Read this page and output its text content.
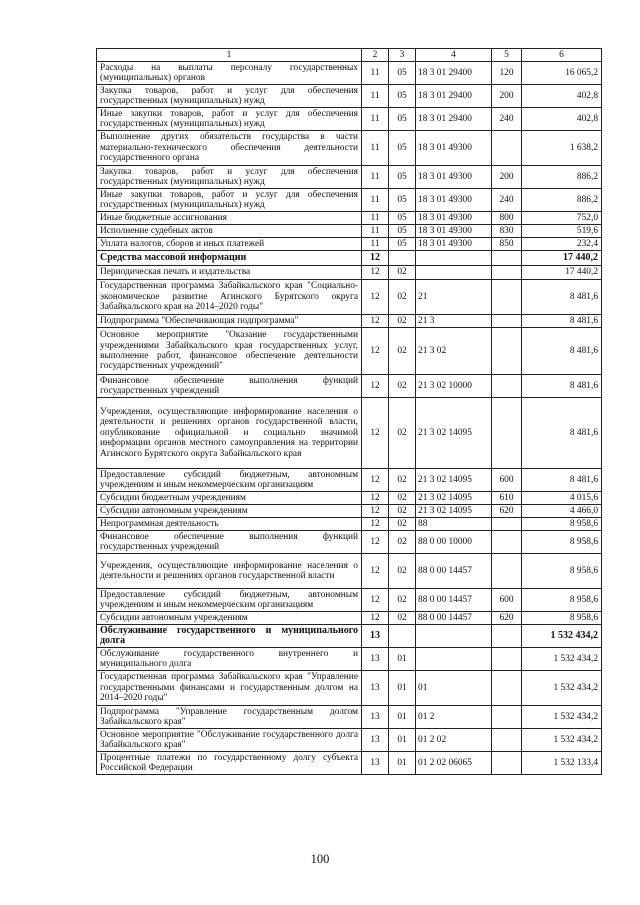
1	2	3	4	5	6
Расходы на выплаты персоналу государственных (муниципальных) органов	11	05	18 3 01 29400	120	16 065,2
Закупка товаров, работ и услуг для обеспечения государственных (муниципальных) нужд	11	05	18 3 01 29400	200	402,8
Иные закупки товаров, работ и услуг для обеспечения государственных (муниципальных) нужд	11	05	18 3 01 29400	240	402,8
Выполнение других обязательств государства в части материально-технического обеспечения деятельности государственного органа	11	05	18 3 01 49300		1 638,2
Закупка товаров, работ и услуг для обеспечения государственных (муниципальных) нужд	11	05	18 3 01 49300	200	886,2
Иные закупки товаров, работ и услуг для обеспечения государственных (муниципальных) нужд	11	05	18 3 01 49300	240	886,2
Иные бюджетные ассигнования	11	05	18 3 01 49300	800	752,0
Исполнение судебных актов	11	05	18 3 01 49300	830	519,6
Уплата налогов, сборов и иных платежей	11	05	18 3 01 49300	850	232,4
Средства массовой информации	12				17 440,2
Периодическая печать и издательства	12	02			17 440,2
Государственная программа Забайкальского края "Социально-экономическое развитие Агинского Бурятского округа Забайкальского края на 2014–2020 годы"	12	02	21		8 481,6
Подпрограмма "Обеспечивающая подпрограмма"	12	02	21 3		8 481,6
Основное мероприятие "Оказание государственными учреждениями Забайкальского края государственных услуг, выполнение работ, финансовое обеспечение деятельности государственных учреждений"	12	02	21 3 02		8 481,6
Финансовое обеспечение выполнения функций государственных учреждений	12	02	21 3 02 10000		8 481,6
Учреждения, осуществляющие информирование населения о деятельности и решениях органов государственной власти, опубликование официальной и социально значимой информации органов местного самоуправления на территории Агинского Бурятского округа Забайкальского края	12	02	21 3 02 14095		8 481,6
Предоставление субсидий бюджетным, автономным учреждениям и иным некоммерческим организациям	12	02	21 3 02 14095	600	8 481,6
Субсидии бюджетным учреждениям	12	02	21 3 02 14095	610	4 015,6
Субсидии автономным учреждениям	12	02	21 3 02 14095	620	4 466,0
Непрограммная деятельность	12	02	88		8 958,6
Финансовое обеспечение выполнения функций государственных учреждений	12	02	88 0 00 10000		8 958,6
Учреждения, осуществляющие информирование населения о деятельности и решениях органов государственной власти	12	02	88 0 00 14457		8 958,6
Предоставление субсидий бюджетным, автономным учреждениям и иным некоммерческим организациям	12	02	88 0 00 14457	600	8 958,6
Субсидии автономным учреждениям	12	02	88 0 00 14457	620	8 958,6
Обслуживание государственного и муниципального долга	13				1 532 434,2
Обслуживание государственного внутреннего и муниципального долга	13	01			1 532 434,2
Государственная программа Забайкальского края "Управление государственными финансами и государственным долгом на 2014–2020 годы"	13	01	01		1 532 434,2
Подпрограмма "Управление государственным долгом Забайкальского края"	13	01	01 2		1 532 434,2
Основное мероприятие "Обслуживание государственного долга Забайкальского края"	13	01	01 2 02		1 532 434,2
Процентные платежи по государственному долгу субъекта Российской Федерации	13	01	01 2 02 06065		1 532 133,4
100
